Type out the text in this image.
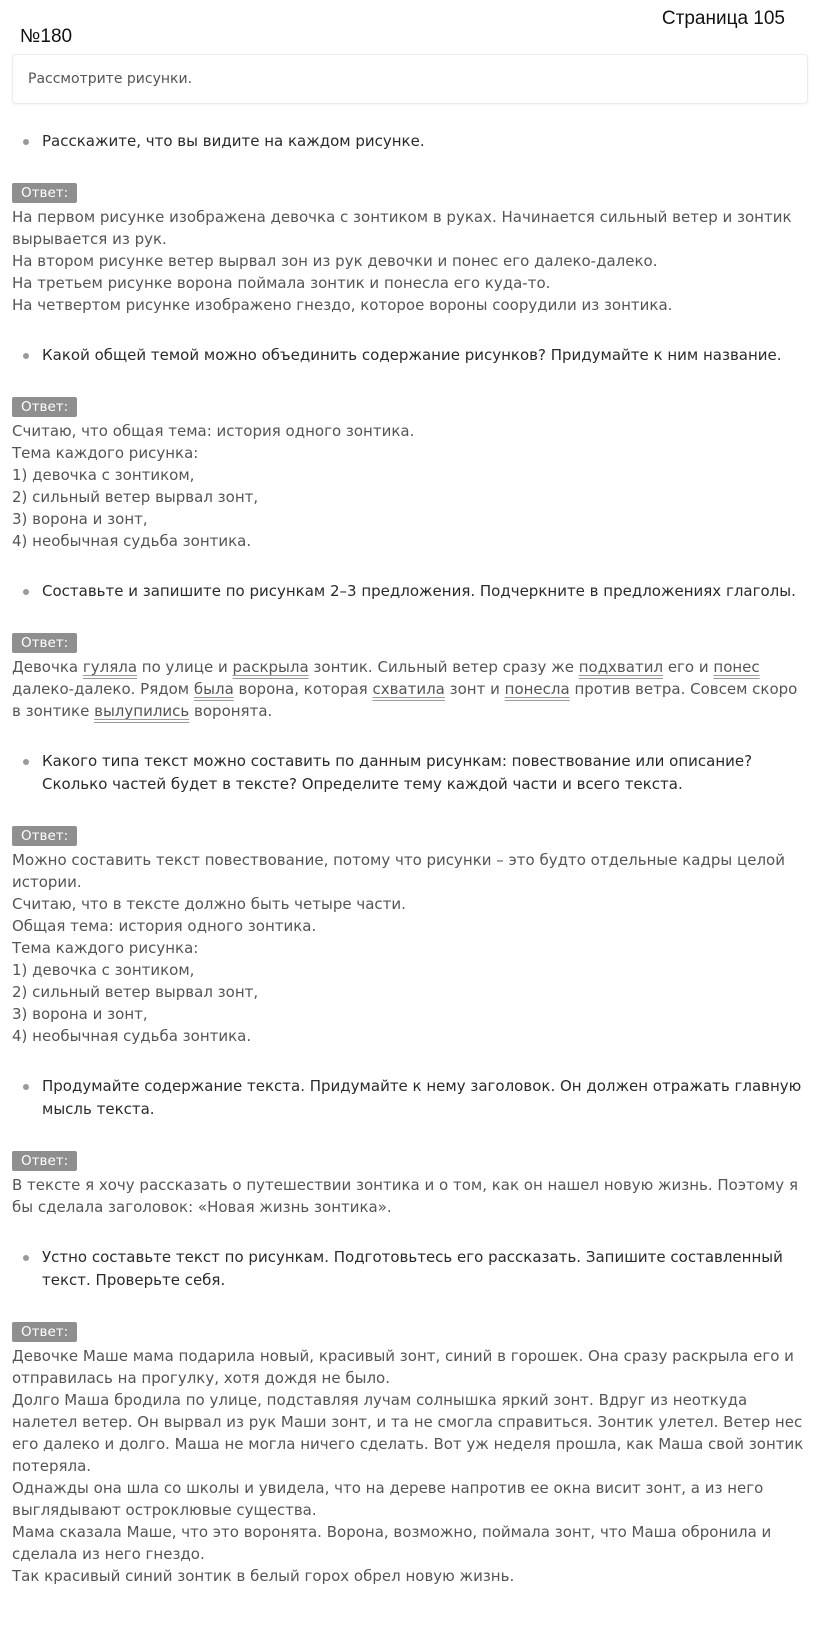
Страница 105
№180
Рассмотрите рисунки.
Расскажите, что вы видите на каждом рисунке.
Ответ:
На первом рисунке изображена девочка с зонтиком в руках. Начинается сильный ветер и зонтик вырывается из рук.
На втором рисунке ветер вырвал зон из рук девочки и понес его далеко-далеко.
На третьем рисунке ворона поймала зонтик и понесла его куда-то.
На четвертом рисунке изображено гнездо, которое вороны соорудили из зонтика.
Какой общей темой можно объединить содержание рисунков? Придумайте к ним название.
Ответ:
Считаю, что общая тема: история одного зонтика.
Тема каждого рисунка:
1) девочка с зонтиком,
2) сильный ветер вырвал зонт,
3) ворона и зонт,
4) необычная судьба зонтика.
Составьте и запишите по рисункам 2–3 предложения. Подчеркните в предложениях глаголы.
Ответ:
Девочка гуляла по улице и раскрыла зонтик. Сильный ветер сразу же подхватил его и понес далеко-далеко. Рядом была ворона, которая схватила зонт и понесла против ветра. Совсем скоро в зонтике вылупились воронята.
Какого типа текст можно составить по данным рисункам: повествование или описание? Сколько частей будет в тексте? Определите тему каждой части и всего текста.
Ответ:
Можно составить текст повествование, потому что рисунки – это будто отдельные кадры целой истории.
Считаю, что в тексте должно быть четыре части.
Общая тема: история одного зонтика.
Тема каждого рисунка:
1) девочка с зонтиком,
2) сильный ветер вырвал зонт,
3) ворона и зонт,
4) необычная судьба зонтика.
Продумайте содержание текста. Придумайте к нему заголовок. Он должен отражать главную мысль текста.
Ответ:
В тексте я хочу рассказать о путешествии зонтика и о том, как он нашел новую жизнь. Поэтому я бы сделала заголовок: «Новая жизнь зонтика».
Устно составьте текст по рисункам. Подготовьтесь его рассказать. Запишите составленный текст. Проверьте себя.
Ответ:
Девочке Маше мама подарила новый, красивый зонт, синий в горошек. Она сразу раскрыла его и отправилась на прогулку, хотя дождя не было.
Долго Маша бродила по улице, подставляя лучам солнышка яркий зонт. Вдруг из неоткуда налетел ветер. Он вырвал из рук Маши зонт, и та не смогла справиться. Зонтик улетел. Ветер нес его далеко и долго. Маша не могла ничего сделать. Вот уж неделя прошла, как Маша свой зонтик потеряла.
Однажды она шла со школы и увидела, что на дереве напротив ее окна висит зонт, а из него выглядывают остроклювые существа.
Мама сказала Маше, что это воронята. Ворона, возможно, поймала зонт, что Маша обронила и сделала из него гнездо.
Так красивый синий зонтик в белый горох обрел новую жизнь.
